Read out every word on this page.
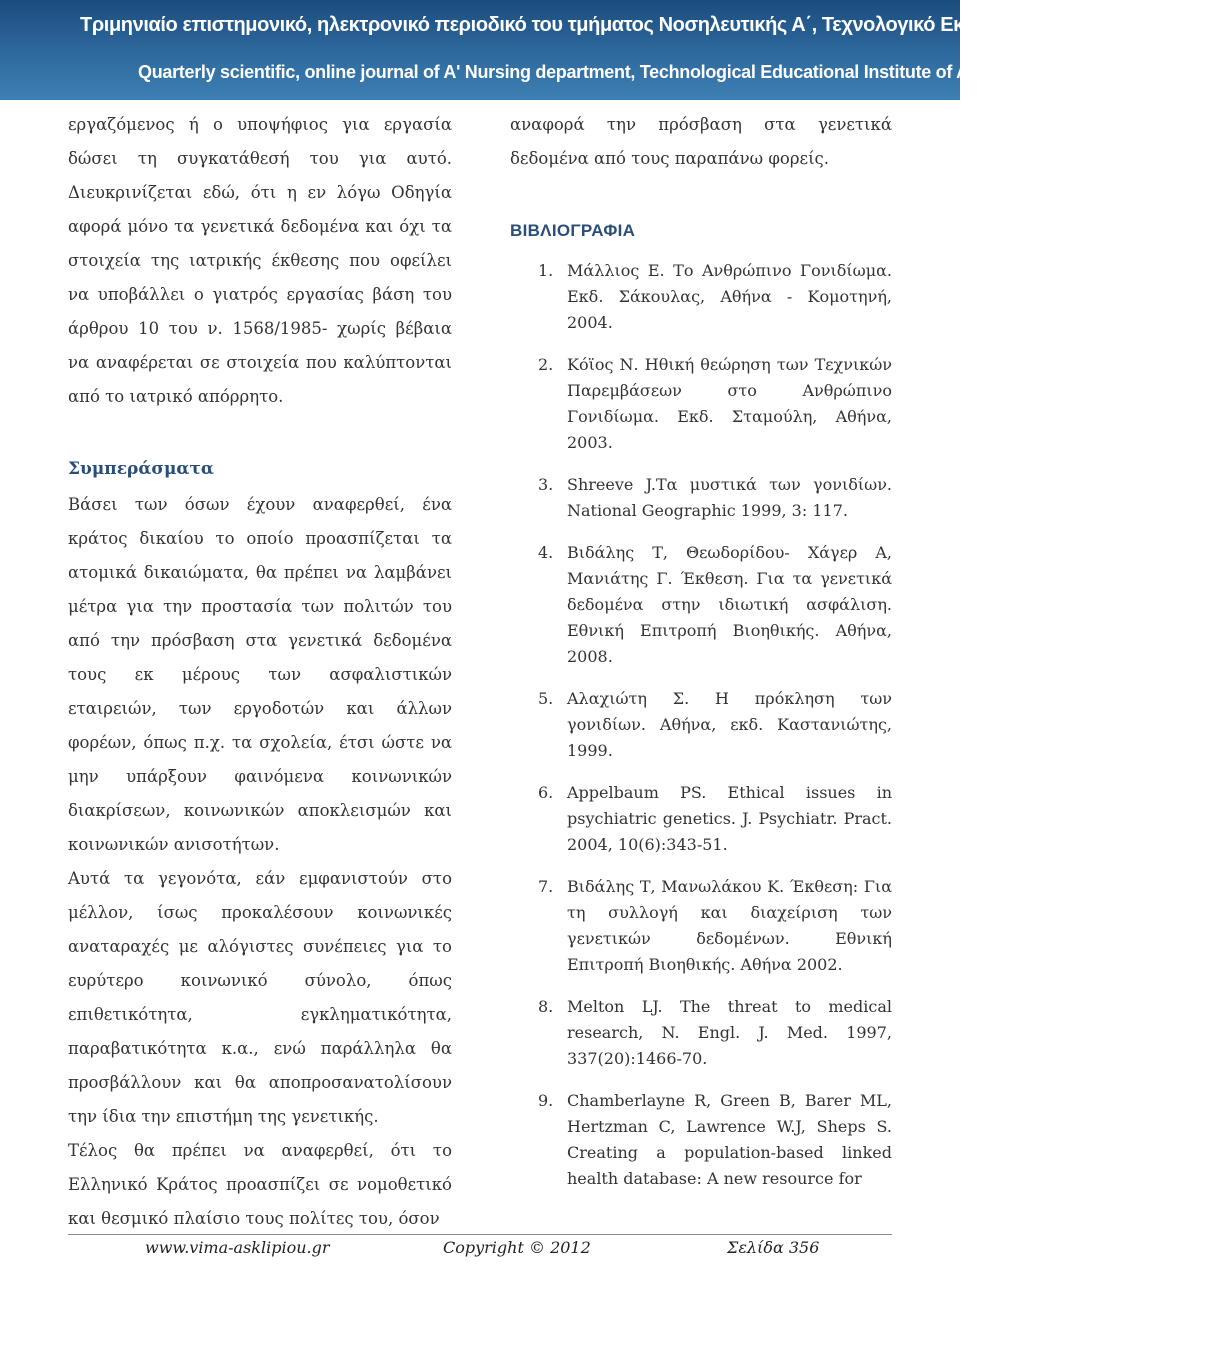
Τριμηνιαίο επιστημονικό, ηλεκτρονικό περιοδικό του τμήματος Νοσηλευτικής Α΄, Τεχνολογικό Εκπαιδευτικό Ίδρυμα Αθηνών
Quarterly scientific, online journal of A' Nursing department, Technological Educational Institute of Athens

εργαζόμενος ή ο υποψήφιος για εργασία δώσει τη συγκατάθεσή του για αυτό. Διευκρινίζεται εδώ, ότι η εν λόγω Οδηγία αφορά μόνο τα γενετικά δεδομένα και όχι τα στοιχεία της ιατρικής έκθεσης που οφείλει να υποβάλλει ο γιατρός εργασίας βάση του άρθρου 10 του ν. 1568/1985- χωρίς βέβαια να αναφέρεται σε στοιχεία που καλύπτονται από το ιατρικό απόρρητο.

Συμπεράσματα

Βάσει των όσων έχουν αναφερθεί, ένα κράτος δικαίου το οποίο προασπίζεται τα ατομικά δικαιώματα, θα πρέπει να λαμβάνει μέτρα για την προστασία των πολιτών του από την πρόσβαση στα γενετικά δεδομένα τους εκ μέρους των ασφαλιστικών εταιρειών, των εργοδοτών και άλλων φορέων, όπως π.χ. τα σχολεία, έτσι ώστε να μην υπάρξουν φαινόμενα κοινωνικών διακρίσεων, κοινωνικών αποκλεισμών και κοινωνικών ανισοτήτων.

Αυτά τα γεγονότα, εάν εμφανιστούν στο μέλλον, ίσως προκαλέσουν κοινωνικές αναταραχές με αλόγιστες συνέπειες για το ευρύτερο κοινωνικό σύνολο, όπως επιθετικότητα, εγκληματικότητα, παραβατικότητα κ.α., ενώ παράλληλα θα προσβάλλουν και θα αποπροσανατολίσουν την ίδια την επιστήμη της γενετικής.

Τέλος θα πρέπει να αναφερθεί, ότι το Ελληνικό Κράτος προασπίζει σε νομοθετικό και θεσμικό πλαίσιο τους πολίτες του, όσον

αναφορά την πρόσβαση στα γενετικά δεδομένα από τους παραπάνω φορείς.

ΒΙΒΛΙΟΓΡΑΦΙΑ
1. Μάλλιος Ε. Το Ανθρώπινο Γονιδίωμα. Εκδ. Σάκουλας, Αθήνα - Κομοτηνή, 2004.
2. Κόϊος Ν. Ηθική θεώρηση των Τεχνικών Παρεμβάσεων στο Ανθρώπινο Γονιδίωμα. Εκδ. Σταμούλη, Αθήνα, 2003.
3. Shreeve J.Τα μυστικά των γονιδίων. National Geographic 1999, 3: 117.
4. Βιδάλης Τ, Θεωδορίδου- Χάγερ Α, Μανιάτης Γ. Έκθεση. Για τα γενετικά δεδομένα στην ιδιωτική ασφάλιση. Εθνική Επιτροπή Βιοηθικής. Αθήνα, 2008.
5. Αλαχιώτη Σ. Η πρόκληση των γονιδίων. Αθήνα, εκδ. Καστανιώτης, 1999.
6. Appelbaum PS. Ethical issues in psychiatric genetics. J. Psychiatr. Pract. 2004, 10(6):343-51.
7. Βιδάλης Τ, Μανωλάκου Κ. Έκθεση: Για τη συλλογή και διαχείριση των γενετικών δεδομένων. Εθνική Επιτροπή Βιοηθικής. Αθήνα 2002.
8. Melton LJ. The threat to medical research, N. Engl. J. Med. 1997, 337(20):1466-70.
9. Chamberlayne R, Green B, Barer ML, Hertzman C, Lawrence W.J, Sheps S. Creating a population-based linked health database: A new resource for
www.vima-asklipiou.gr	Copyright © 2012	Σελίδα 356
